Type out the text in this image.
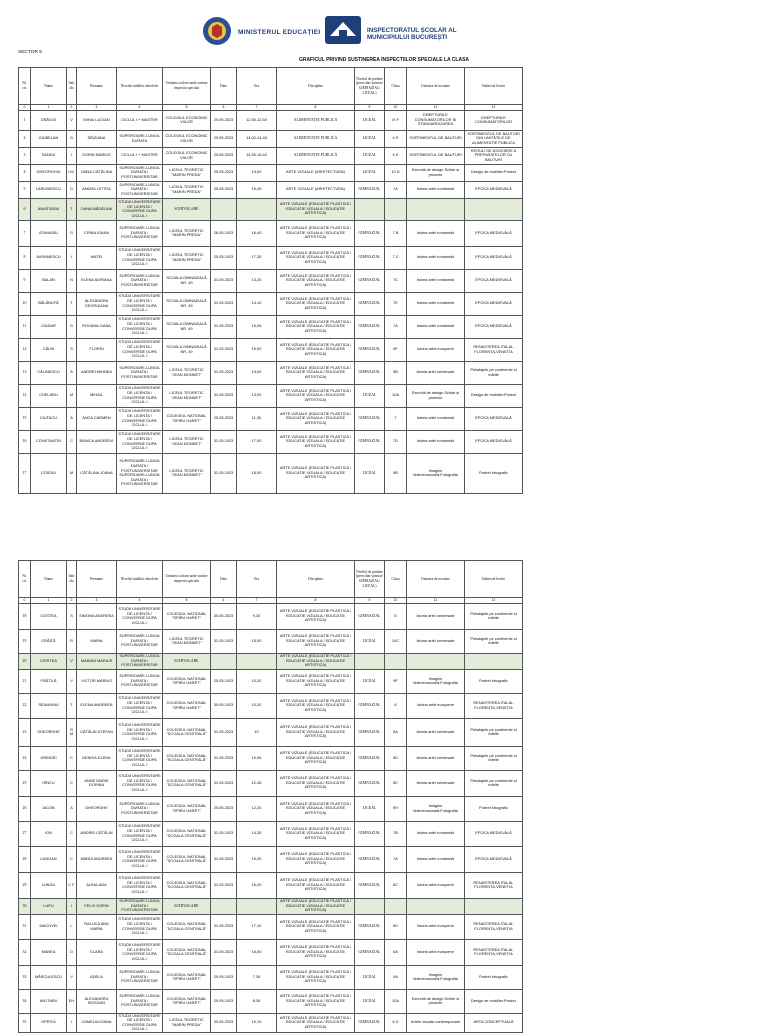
MINISTERUL EDUCAȚIEI	INSPECTORATUL ȘCOLAR AL MUNICIPIULUI BUCUREȘTI
SECTOR 5
GRAFICUL PRIVIND SUSTINEREA INSPECTIILOR SPECIALE LA CLASA
Nr. crt.	Nume	Initiala	Prenume	Nivelul studiilor absolvite	Unitatea scolara unde sustine inspectia speciala	Data	Ora	Disciplina	Nivelul de predare (prescolar/ primar/ GIMNAZIAL/ LICEAL)	Clasa	Unitatea de invatare	Subiectul lectiei
0	1	2	3	4	5	6	7	8	9	10	11	12
1	DRĂGOI	V	MIHAI LUCIAN	CICLUL I + MASTER	COLEGIUL ECONOMIC VIILOR	29.05.2023	12.55-12.50	ALIMENTAȚIE PUBLICĂ	LICEAL	IX F	DREPTURILE CONSUMATORILOR ȘI STANDARDIZAREA	DREPTURILE CONSUMATORILOR
2	GIUBELAN	G	SÎNZIANA	SUPERIOARE-LUNGA DURATA	COLEGIUL ECONOMIC VIILOR	29.05.2023	14.00-14.45	ALIMENTAȚIE PUBLICĂ	LICEAL	X E	SORTIMENTUL DE BAUTURI	SORTIMENTUL DE BAUTURI DIN UNITĂȚILE DE ALIMENTAȚIE PUBLICA
3	SANDU	I	SORIN MARIUS	CICLUL I + MASTER	COLEGIUL ECONOMIC VIILOR	29.05.2023	14.55-15.40	ALIMENTAȚIE PUBLICĂ	LICEAL	X E	SORTIMENTUL DE BAUTURI	REGULI DE ASOCIERE A PREPARATELOR CU BAUTURI
4	GHEORGHIU	I.M.	OANA-CĂTĂLINA	SUPERIOARE-LUNGA DURATA / POSTUNIVERSITAR	LICEUL TEORETIC "MARIN PREDA"	25.05.2023	14,50	ARTE VIZUALE (ARHITECTURA)	LICEAL	10 D	Exerciții de design.Schițe și proiecte	Design de mobilier.Proiect
5	LARIONESCU	D	ANDRA LETIȚIA	SUPERIOARE-LUNGA DURATA / POSTUNIVERSITAR	LICEUL TEORETIC "MARIN PREDA"	25.05.2023	15,45	ARTE VIZUALE (ARHITECTURA)	GIMNAZIAL	7A	Istoria artei românești	EPOCA MEDIEVALĂ
6	ANASTASIU	T	OANA MĂDĂLINA	STUDII UNIVERSITARE DE LICENTA / CONVERSIE DUPA CICLUL I	SCHIVALARE			ARTE VIZUALE (EDUCATIE PLASTICA / EDUCATIE VIZUALA / EDUCATIE ARTISTICA)				
7	ATANASIU	G	CRINA IOANA	SUPERIOARE-LUNGA DURATA / POSTUNIVERSITAR	LICEUL TEORETIC "MARIN PREDA"	26.05.2023	16,40	ARTE VIZUALE (EDUCATIE PLASTICA / EDUCATIE VIZUALA / EDUCATIE ARTISTICA)	GIMNAZIAL	7 B	Istoria artei românești	EPOCA MEDIEVALĂ
8	AVRAMESCU	I	MATEI	STUDII UNIVERSITARE DE LICENTA / CONVERSIE DUPA CICLUL I	LICEUL TEORETIC "MARIN PREDA"	25.05.2023	17,35	ARTE VIZUALE (EDUCATIE PLASTICA / EDUCATIE VIZUALA / EDUCATIE ARTISTICA)	GIMNAZIAL	7 C	Istoria artei românești	EPOCA MEDIEVALĂ
9	BALAN	N	ELENA ADRIANA	SUPERIOARE-LUNGA DURATA / POSTUNIVERSITAR	SCOALA GIMNAZIALĂ NR. 49	31.05.2023	13,25	ARTE VIZUALE (EDUCATIE PLASTICA / EDUCATIE VIZUALA / EDUCATIE ARTISTICA)	GIMNAZIAL	7C	Istoria artei românești	EPOCA MEDIEVALĂ
10	BĂLĂNUȚĂ	T	ALEXANDRA GEORGIANA	STUDII UNIVERSITARE DE LICENTA / CONVERSIE DUPA CICLUL I	SCOALA GIMNAZIALĂ NR. 49	31.05.2023	14,10	ARTE VIZUALE (EDUCATIE PLASTICA / EDUCATIE VIZUALA / EDUCATIE ARTISTICA)	GIMNAZIAL	7E	Istoria artei românești	EPOCA MEDIEVALĂ
11	CIADAR	G	ROXANA-OANA	STUDII UNIVERSITARE DE LICENTA / CONVERSIE DUPA CICLUL I	SCOALA GIMNAZIALĂ NR. 49	31.05.2023	15,05	ARTE VIZUALE (EDUCATIE PLASTICA / EDUCATIE VIZUALA / EDUCATIE ARTISTICA)	GIMNAZIAL	7A	Istoria artei românești	EPOCA MEDIEVALĂ
12	CĂLIN	S	FLORIN	STUDII UNIVERSITARE DE LICENTA / CONVERSIE DUPA CICLUL I	SCOALA GIMNAZIALĂ NR. 49	31.05.2023	15,50	ARTE VIZUALE (EDUCATIE PLASTICA / EDUCATIE VIZUALA / EDUCATIE ARTISTICA)	GIMNAZIAL	6F	Istoria artei europene	RENASTEREA ITALIA-FLORENȚA,VENEȚIA
13	CĂLINESCU	A	ANDREI MIHNEA	SUPERIOARE-LUNGA DURATA / POSTUNIVERSITAR	LICEUL TEORETIC "JEAN MONNET"	31.05.2023	14,00	ARTE VIZUALE (EDUCATIE PLASTICA / EDUCATIE VIZUALA / EDUCATIE ARTISTICA)	GIMNAZIAL	5B	Istoria artei universale	Peisdajele pe continente și mările
14	CHELARU	M	MIHAIL	STUDII UNIVERSITARE DE LICENTA / CONVERSIE DUPA CICLUL I	LICEUL TEORETIC "JEAN MONNET"	31.05.2023	13,00	ARTE VIZUALE (EDUCATIE PLASTICA / EDUCATIE VIZUALA / EDUCATIE ARTISTICA)	LICEAL	10A	Exerciții de design.Schițe și proiecte	Design de mobilier.Proiect
15	CIUTACU	A	ANCA CARMEN	STUDII UNIVERSITARE DE LICENTA / CONVERSIE DUPA CICLUL I	COLEGIUL NATIONAL "SPIRU HARET"	25.05.2023	11,30	ARTE VIZUALE (EDUCATIE PLASTICA / EDUCATIE VIZUALA / EDUCATIE ARTISTICA)	GIMNAZIAL	7	Istoria artei românești	EPOCA MEDIEVALĂ
16	CONSTANTIN	C	BIANCA ANDREEA	STUDII UNIVERSITARE DE LICENTA / CONVERSIE DUPA CICLUL I	LICEUL TEORETIC "JEAN MONNET"	31.05.2023	17,00	ARTE VIZUALE (EDUCATIE PLASTICA / EDUCATIE VIZUALA / EDUCATIE ARTISTICA)	GIMNAZIAL	7D	Istoria artei românești	EPOCA MEDIEVALĂ
17	COȘOIU	M	CĂTĂLINA-IOANA	SUPERIOARE-LUNGA DURATA / POSTUNIVERSITAR SUPERIOARE-LUNGA DURATA / POSTUNIVERSITAR	LICEUL TEORETIC "JEAN MONNET"	31.05.2023	18,00	ARTE VIZUALE (EDUCATIE PLASTICA / EDUCATIE VIZUALA / EDUCATIE ARTISTICA)	LICEAL	9B	Imagine bidimensională.Fotografia	Portret fotografic
Nr. crt.	Nume	Initiala	Prenume	Nivelul studiilor absolvite	Unitatea scolara unde sustine inspectia speciala	Data	Ora	Disciplina	Nivelul de predare (prescolar/ primar/ GIMNAZIAL/ LICEAL)	Clasa	Unitatea de invatare	Subiectul lectiei
0	1	2	3	4	5	6	7	8	9	10	11	12
18	COSTEA	S	SIMONA ANDREEA	STUDII UNIVERSITARE DE LICENTA / CONVERSIE DUPA CICLUL I	COLEGIUL NATIONAL "SPIRU HARET"	30.05.2023	9,30	ARTE VIZUALE (EDUCATIE PLASTICA / EDUCATIE VIZUALA / EDUCATIE ARTISTICA)	GIMNAZIAL	5	Istoria artei universale	Peisdajele pe continente și mările
19	CRĂIȚĂ	R	MARIA	SUPERIOARE-LUNGA DURATA / POSTUNIVERSITAR	LICEUL TEORETIC "JEAN MONNET"	31.05.2023	15,00	ARTE VIZUALE (EDUCATIE PLASTICA / EDUCATIE VIZUALA / EDUCATIE ARTISTICA)	LICEAL	10C	Istoria artei universale	Peisdajele pe continente și mările
20	CRISTEA	V	MARIAN MARIUS	SUPERIOARE-LUNGA DURATA / POSTUNIVERSITAR	SCHIVALARE			ARTE VIZUALE (EDUCATIE PLASTICA / EDUCATIE VIZUALA / EDUCATIE ARTISTICA)				
21	FRĂȚILĂ	V	VICTOR MARIUS	SUPERIOARE-LUNGA DURATA / POSTUNIVERSITAR	COLEGIUL NATIONAL "SPIRU HARET"	25.05.2023	10,30	ARTE VIZUALE (EDUCATIE PLASTICA / EDUCATIE VIZUALA / EDUCATIE ARTISTICA)	LICEAL	9F	Imagine bidimensională.Fotografia	Portret fotografic
22	SEAMANIU	T	ELENA ANDREEA	STUDII UNIVERSITARE DE LICENTA / CONVERSIE DUPA CICLUL I	COLEGIUL NATIONAL "SPIRU HARET"	30.05.2023	10,30	ARTE VIZUALE (EDUCATIE PLASTICA / EDUCATIE VIZUALA / EDUCATIE ARTISTICA)	GIMNAZIAL	6	Istoria artei europene	RENASTEREA ITALIA-FLORENȚA,VENEȚIA
23	GHEORGHE	R M	CĂTĂLIN ȘTEFAN	STUDII UNIVERSITARE DE LICENTA / CONVERSIE DUPA CICLUL I	COLEGIUL NATIONAL "ȘCOALA CENTRALĂ"	31.05.2023	10	ARTE VIZUALE (EDUCATIE PLASTICA / EDUCATIE VIZUALA / EDUCATIE ARTISTICA)	GIMNAZIAL	5A	Istoria artei universale	Peisdajele pe continente și mările
24	GRINDEI	C	DENISA-ELENA	STUDII UNIVERSITARE DE LICENTA / CONVERSIE DUPA CICLUL I	COLEGIUL NATIONAL "ȘCOALA CENTRALĂ"	31.05.2023	10,55	ARTE VIZUALE (EDUCATIE PLASTICA / EDUCATIE VIZUALA / EDUCATIE ARTISTICA)	GIMNAZIAL	5D	Istoria artei universale	Peisdajele pe continente și mările
25	HÎNCU	C	ANNE MARIE DORINA	STUDII UNIVERSITARE DE LICENTA / CONVERSIE DUPA CICLUL I	COLEGIUL NATIONAL "ȘCOALA CENTRALĂ"	31.05.2023	12,45	ARTE VIZUALE (EDUCATIE PLASTICA / EDUCATIE VIZUALA / EDUCATIE ARTISTICA)	GIMNAZIAL	5C	Istoria artei universale	Peisdajele pe continente și mările
26	IACOB	A	GHEORGHE	SUPERIOARE-LUNGA DURATA / POSTUNIVERSITAR	COLEGIUL NATIONAL "SPIRU HARET"	25.05.2023	12,30	ARTE VIZUALE (EDUCATIE PLASTICA / EDUCATIE VIZUALA / EDUCATIE ARTISTICA)	LICEAL	9H	Imagine bidimensională.Fotografia	Portret fotografic
27	ION	C	ANDREI CĂTĂLIN	STUDII UNIVERSITARE DE LICENTA / CONVERSIE DUPA CICLUL I	COLEGIUL NATIONAL "ȘCOALA CENTRALĂ"	31.05.2023	14,35	ARTE VIZUALE (EDUCATIE PLASTICA / EDUCATIE VIZUALA / EDUCATIE ARTISTICA)	GIMNAZIAL	7B	Istoria artei românești	EPOCA MEDIEVALĂ
28	LUNGAN	C	MARIA ANDREEA	STUDII UNIVERSITARE DE LICENTA / CONVERSIE DUPA CICLUL I	COLEGIUL NATIONAL "ȘCOALA CENTRALĂ"	31.05.2023	15,30	ARTE VIZUALE (EDUCATIE PLASTICA / EDUCATIE VIZUALA / EDUCATIE ARTISTICA)	GIMNAZIAL	7A	Istoria artei românești	EPOCA MEDIEVALĂ
29	LUNGU	C F	ALINA-ADA	STUDII UNIVERSITARE DE LICENTA / CONVERSIE DUPA CICLUL I	COLEGIUL NATIONAL "ȘCOALA CENTRALĂ"	31.05.2023	16,20	ARTE VIZUALE (EDUCATIE PLASTICA / EDUCATIE VIZUALA / EDUCATIE ARTISTICA)	GIMNAZIAL	6C	Istoria artei europene	RENASTEREA ITALIA-FLORENȚA,VENEȚIA
30	LUPU	I	FELIX SORIN	SUPERIOARE-LUNGA DURATA / POSTUNIVERSITAR	SCHIVALARE			ARTE VIZUALE (EDUCATIE PLASTICA / EDUCATIE VIZUALA / EDUCATIE ARTISTICA)				
31	MACOVEI	L	RALUCA ANA MARIA	STUDII UNIVERSITARE DE LICENTA / CONVERSIE DUPA CICLUL I	COLEGIUL NATIONAL "ȘCOALA CENTRALĂ"	31.05.2023	17,10	ARTE VIZUALE (EDUCATIE PLASTICA / EDUCATIE VIZUALA / EDUCATIE ARTISTICA)	GIMNAZIAL	6D	Istoria artei europene	RENASTEREA ITALIA-FLORENȚA,VENEȚIA
32	MANEA	D	CLARA	STUDII UNIVERSITARE DE LICENTA / CONVERSIE DUPA CICLUL I	COLEGIUL NATIONAL "ȘCOALA CENTRALĂ"	31.05.2023	18,50	ARTE VIZUALE (EDUCATIE PLASTICA / EDUCATIE VIZUALA / EDUCATIE ARTISTICA)	GIMNAZIAL	6A	Istoria artei europene	RENASTEREA ITALIA-FLORENȚA,VENEȚIA
33	MĂRCULESCU	V	ADELA	SUPERIOARE-LUNGA DURATA / POSTUNIVERSITAR	COLEGIUL NATIONAL "SPIRU HARET"	29.05.2023	7,30	ARTE VIZUALE (EDUCATIE PLASTICA / EDUCATIE VIZUALA / EDUCATIE ARTISTICA)	LICEAL	9A	Imagine bidimensională.Fotografia	Portret fotografic
34	MILITARU	EH	ALEXANDRU BOGDAN	SUPERIOARE-LUNGA DURATA / POSTUNIVERSITAR	COLEGIUL NATIONAL "SPIRU HARET"	29.05.2023	8,30	ARTE VIZUALE (EDUCATIE PLASTICA / EDUCATIE VIZUALA / EDUCATIE ARTISTICA)	LICEAL	10A	Exerciții de design.Schițe și proiecte	Design de mobilier.Proiect
35	OPRIȚA	I	CAMELIA IOANA	STUDII UNIVERSITARE DE LICENTA / CONVERSIE DUPA CICLUL I	LICEUL TEORETIC "MARIN PREDA"	30.05.2023	10,15	ARTE VIZUALE (EDUCATIE PLASTICA / EDUCATIE VIZUALA / EDUCATIE ARTISTICA)	GIMNAZIAL	6 D	Artele vizuale contemporane	ARTA CONCEPTUALĂ
